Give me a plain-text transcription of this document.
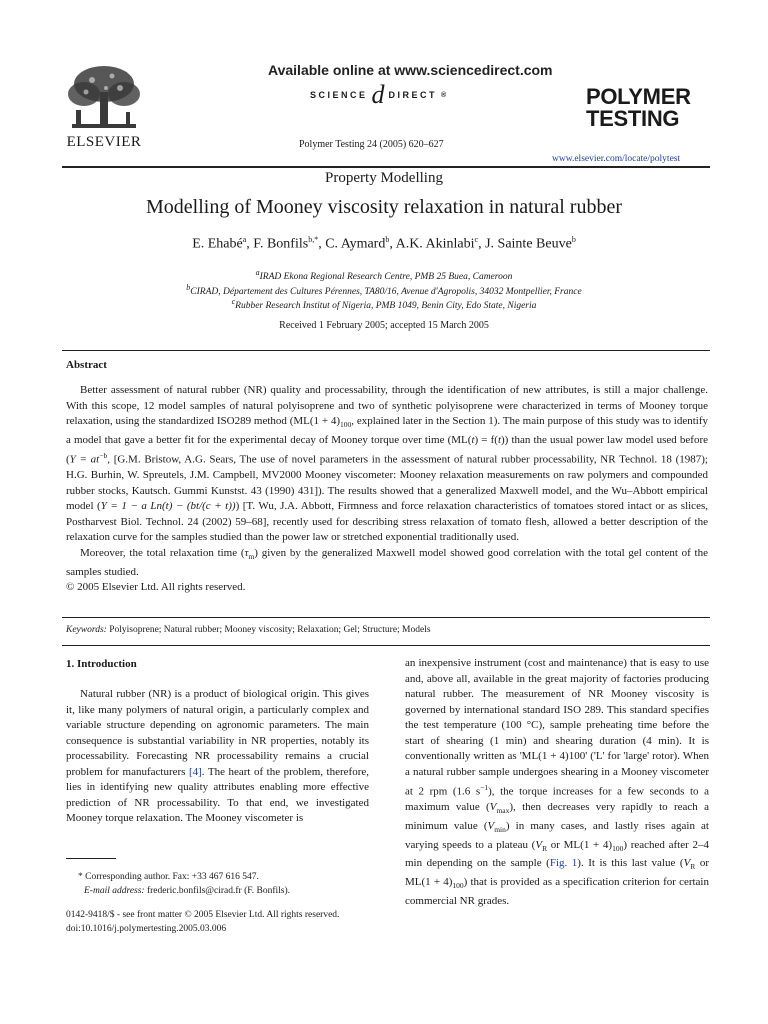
ELSEVIER
Available online at www.sciencedirect.com
SCIENCE d DIRECT ®
Polymer Testing 24 (2005) 620–627
POLYMER
TESTING
www.elsevier.com/locate/polytest
Property Modelling
Modelling of Mooney viscosity relaxation in natural rubber
E. Ehabé$^a$, F. Bonfils$^{b,*}$, C. Aymard$^b$, A.K. Akinlabi$^c$, J. Sainte Beuve$^b$
$^a$IRAD Ekona Regional Research Centre, PMB 25 Buea, Cameroon
$^b$CIRAD, Département des Cultures Pérennes, TA80/16, Avenue d'Agropolis, 34032 Montpellier, France
$^c$Rubber Research Institut of Nigeria, PMB 1049, Benin City, Edo State, Nigeria
Received 1 February 2005; accepted 15 March 2005
Abstract

Better assessment of natural rubber (NR) quality and processability, through the identification of new attributes, is still a major challenge. With this scope, 12 model samples of natural polyisoprene and two of synthetic polyisoprene were characterized in terms of Mooney torque relaxation, using the standardized ISO289 method ($ML(1 + 4)_{100}$, explained later in the Section 1). The main purpose of this study was to identify a model that gave a better fit for the experimental decay of Mooney torque over time (ML(t) = f(t)) than the usual power law model used before ($Y = at^{-b}$, [G.M. Bristow, A.G. Sears, The use of novel parameters in the assessment of natural rubber processability, NR Technol. 18 (1987); H.G. Burhin, W. Spreutels, J.M. Campbell, MV2000 Mooney viscometer: Mooney relaxation measurements on raw polymers and compounded rubber stocks, Kautsch. Gummi Kunstst. 43 (1990) 431]). The results showed that a generalized Maxwell model, and the Wu–Abbott empirical model (Y = 1 − a Ln(t) − (bt/(c + t))) [T. Wu, J.A. Abbott, Firmness and force relaxation characteristics of tomatoes stored intact or as slices, Postharvest Biol. Technol. 24 (2002) 59–68], recently used for describing stress relaxation of tomato flesh, allowed a better description of the relaxation curve for the samples studied than the power law or stretched exponential traditionally used.

Moreover, the total relaxation time $(\tau_m)$ given by the generalized Maxwell model showed good correlation with the total gel content of the samples studied.

© 2005 Elsevier Ltd. All rights reserved.

Keywords: Polyisoprene; Natural rubber; Mooney viscosity; Relaxation; Gel; Structure; Models
1. Introduction

Natural rubber (NR) is a product of biological origin. This gives it, like many polymers of natural origin, a particularly complex and variable structure depending on agronomic parameters. The main consequence is substantial variability in NR properties, notably its processability. Forecasting NR processability remains a crucial problem for manufacturers [4]. The heart of the problem, therefore, lies in identifying new quality attributes enabling more effective prediction of NR processability. To that end, we investigated Mooney torque relaxation. The Mooney viscometer is

an inexpensive instrument (cost and maintenance) that is easy to use and, above all, available in the great majority of factories producing natural rubber. The measurement of NR Mooney viscosity is governed by international standard ISO 289. This standard specifies the test temperature (100 °C), sample preheating time before the start of shearing (1 min) and shearing duration (4 min). It is conventionally written as 'ML(1 + 4)100' ('L' for 'large' rotor). When a natural rubber sample undergoes shearing in a Mooney viscometer at 2 rpm (1.6 $s^{-1}$), the torque increases for a few seconds to a maximum value $(V_{max})$, then decreases very rapidly to reach a minimum value $(V_{min})$ in many cases, and lastly rises again at varying speeds to a plateau ($V_R$ or $ML(1 + 4)_{100}$) reached after 2–4 min depending on the sample (Fig. 1). It is this last value ($V_R$ or $ML(1 + 4)_{100}$) that is provided as a specification criterion for certain commercial NR grades.

* Corresponding author. Fax: +33 467 616 547.
E-mail address: frederic.bonfils@cirad.fr (F. Bonfils).
0142-9418/$ - see front matter © 2005 Elsevier Ltd. All rights reserved.
doi:10.1016/j.polymertesting.2005.03.006
